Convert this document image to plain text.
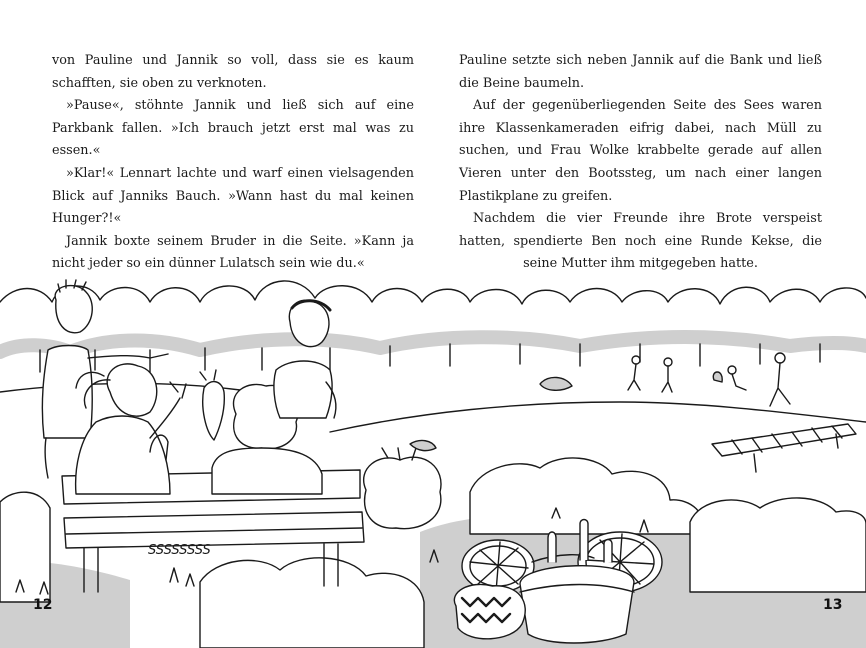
von Pauline und Jannik so voll, dass sie es kaum schafften, sie oben zu verknoten.

»Pause«, stöhnte Jannik und ließ sich auf eine Parkbank fallen. »Ich brauch jetzt erst mal was zu essen.«

»Klar!« Lennart lachte und warf einen vielsagenden Blick auf Janniks Bauch. »Wann hast du mal keinen Hunger?!«

Jannik boxte seinem Bruder in die Seite. »Kann ja nicht jeder so ein dünner Lulatsch sein wie du.«

Pauline setzte sich neben Jannik auf die Bank und ließ die Beine baumeln.

Auf der gegenüberliegenden Seite des Sees waren ihre Klassenkameraden eifrig dabei, nach Müll zu suchen, und Frau Wolke krabbelte gerade auf allen Vieren unter den Bootssteg, um nach einer langen Plastikplane zu greifen.

Nachdem die vier Freunde ihre Brote verspeist hatten, spendierte Ben noch eine Runde Kekse, die seine Mutter ihm mitgegeben hatte.

SSSSSSSS
12	13
